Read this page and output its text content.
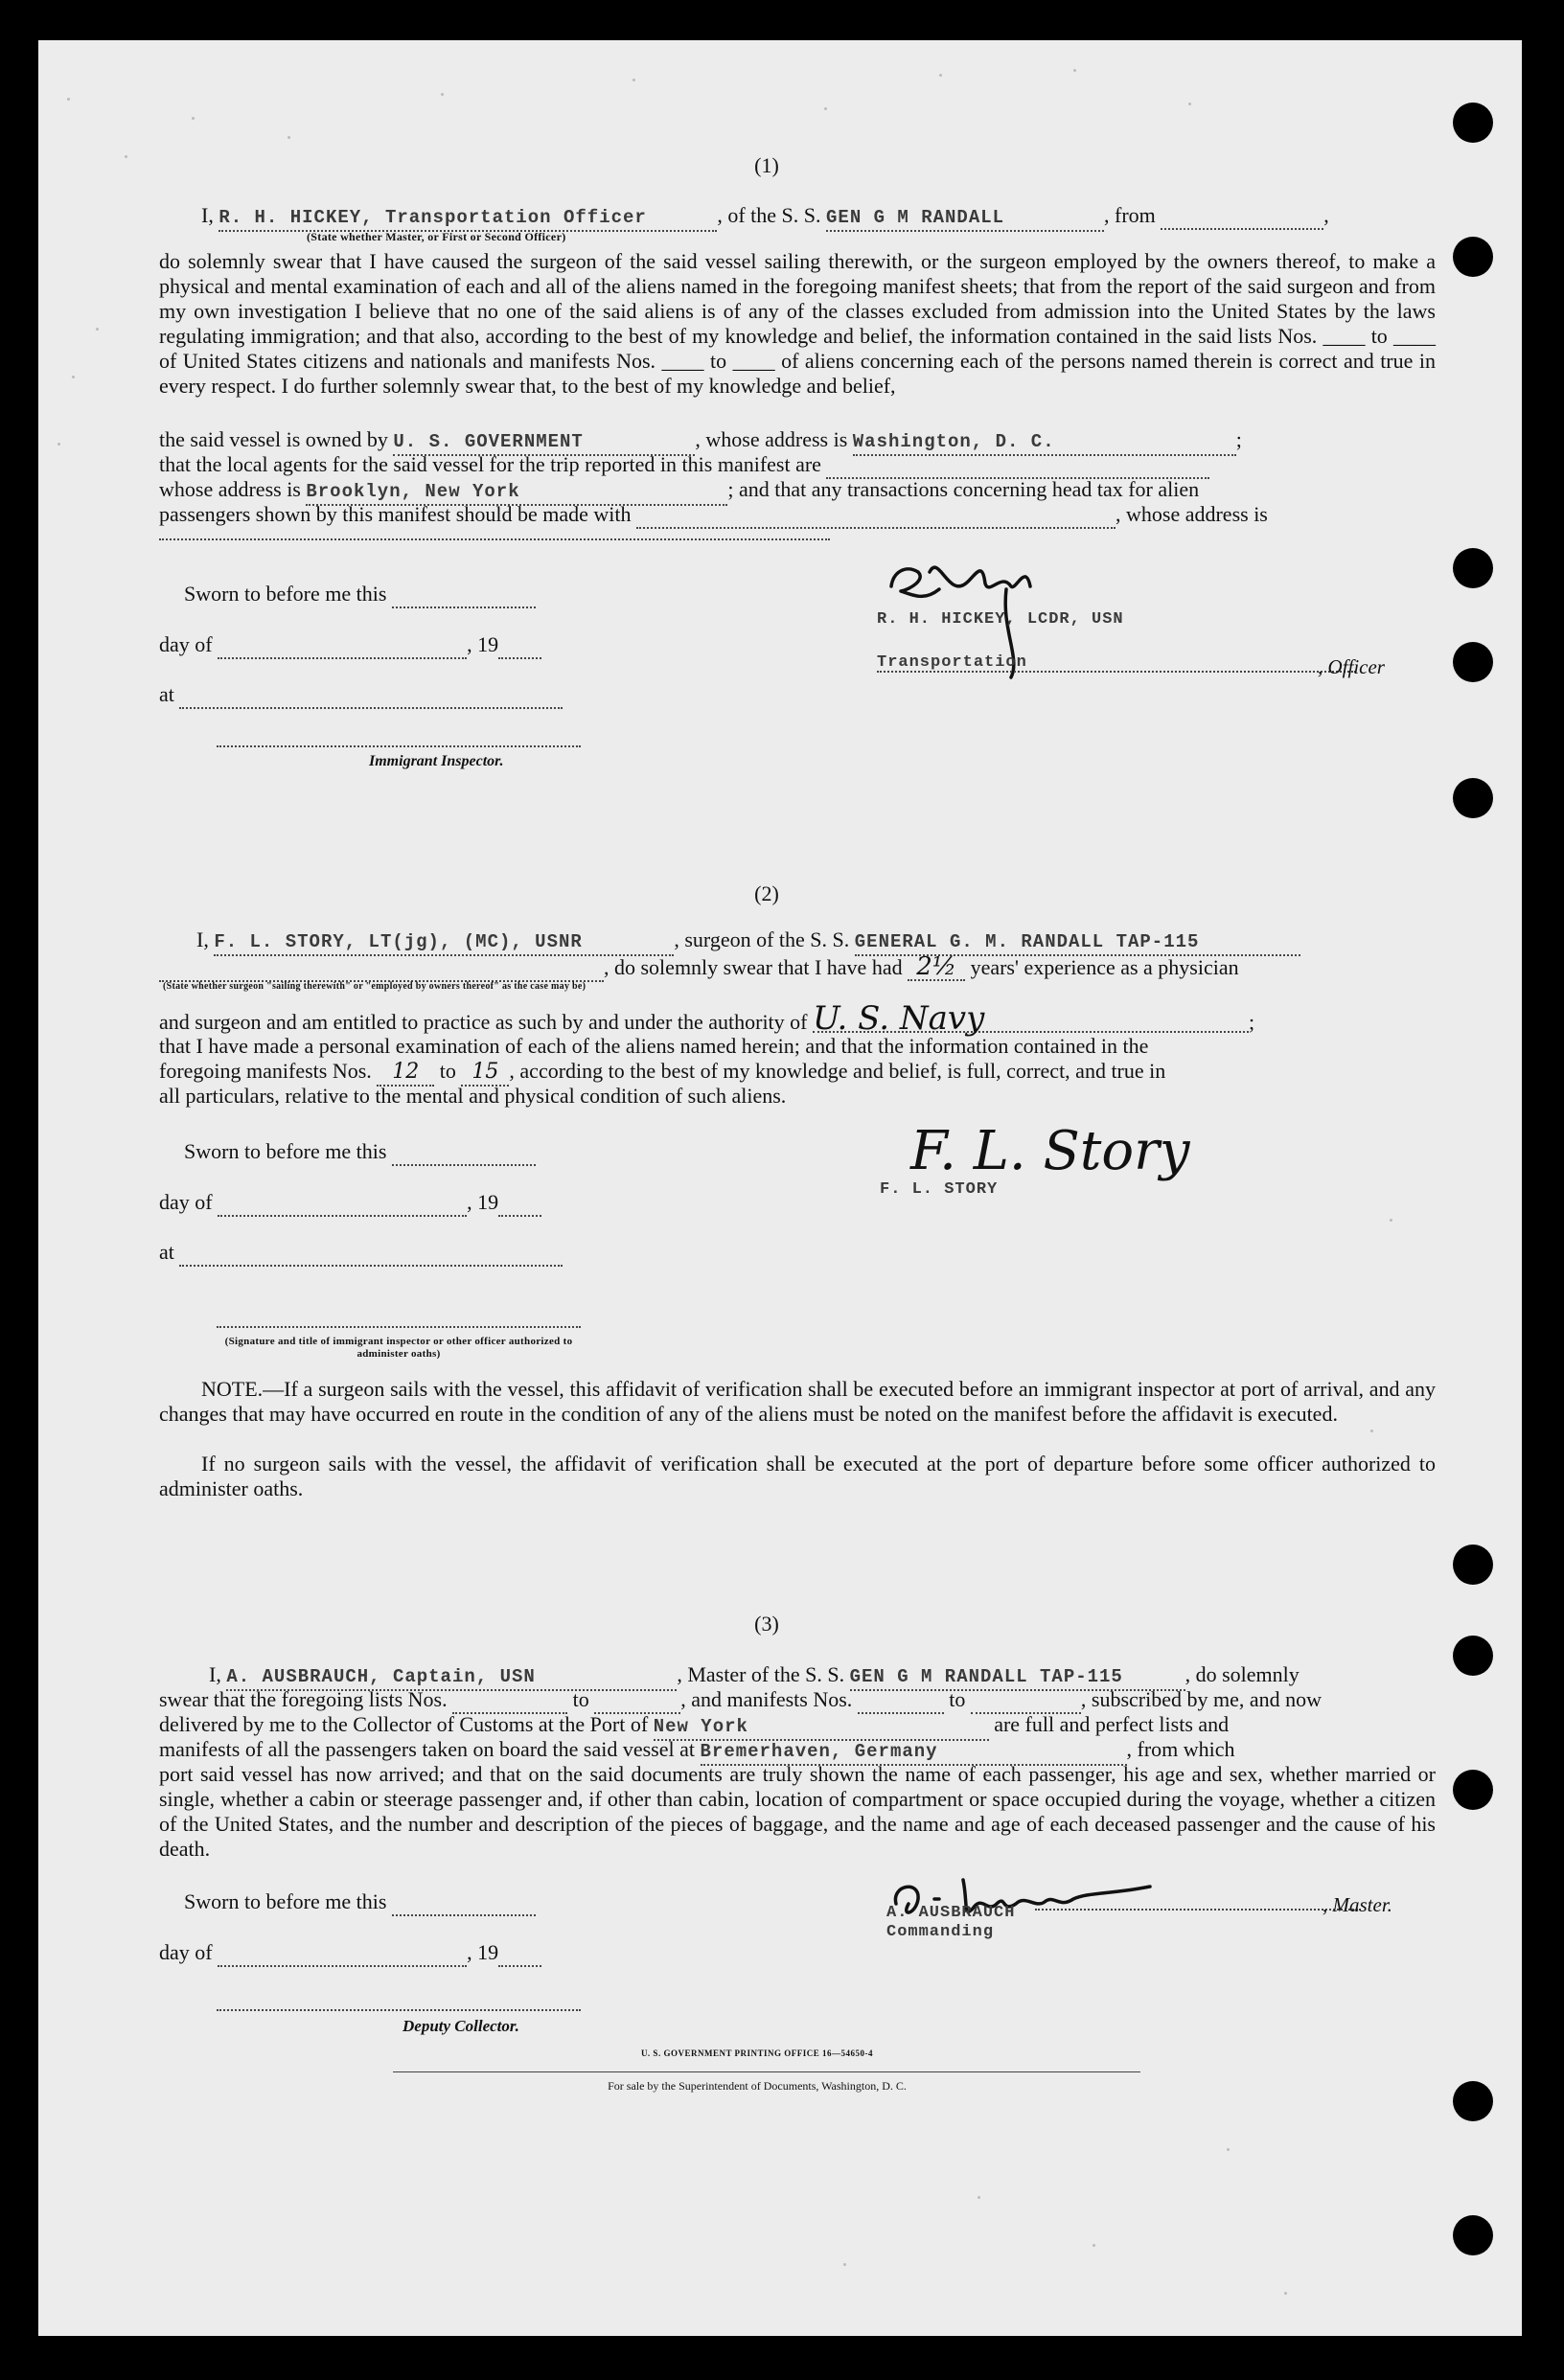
(1)
I, R. H. HICKEY, Transportation Officer	, of the S. S. GEN G M RANDALL	, from	,
(State whether Master, or First or Second Officer)
do solemnly swear that I have caused the surgeon of the said vessel sailing therewith, or the surgeon employed by the owners thereof, to make a physical and mental examination of each and all of the aliens named in the foregoing manifest sheets; that from the report of the said surgeon and from my own investigation I believe that no one of the said aliens is of any of the classes excluded from admission into the United States by the laws regulating immigration; and that also, according to the best of my knowledge and belief, the information contained in the said lists Nos. ____ to ____ of United States citizens and nationals and manifests Nos. ____ to ____ of aliens concerning each of the persons named therein is correct and true in every respect. I do further solemnly swear that, to the best of my knowledge and belief,
the said vessel is owned by U. S. GOVERNMENT	, whose address is Washington, D. C.	;
that the local agents for the said vessel for the trip reported in this manifest are
whose address is Brooklyn, New York	; and that any transactions concerning head tax for alien
passengers shown by this manifest should be made with	, whose address is
Sworn to before me this
day of	, 19
at
Immigrant Inspector.
R. H. HICKEY, LCDR, USN
Transportation	, Officer
(2)
I, F. L. STORY, LT(jg), (MC), USNR	, surgeon of the S. S. GENERAL G. M. RANDALL TAP-115
, do solemnly swear that I have had 2½ years' experience as a physician
(State whether surgeon "sailing therewith" or "employed by owners thereof" as the case may be)
and surgeon and am entitled to practice as such by and under the authority of U. S. Navy	;
that I have made a personal examination of each of the aliens named herein; and that the information contained in the
foregoing manifests Nos. 12 to 15 , according to the best of my knowledge and belief, is full, correct, and true in
all particulars, relative to the mental and physical condition of such aliens.
Sworn to before me this
day of	, 19
at
(Signature and title of immigrant inspector or other officer authorized to administer oaths)
F. L. Story
F. L. STORY
NOTE.—If a surgeon sails with the vessel, this affidavit of verification shall be executed before an immigrant inspector at port of arrival, and any changes that may have occurred en route in the condition of any of the aliens must be noted on the manifest before the affidavit is executed.
If no surgeon sails with the vessel, the affidavit of verification shall be executed at the port of departure before some officer authorized to administer oaths.
(3)
I, A. AUSBRAUCH, Captain, USN	, Master of the S. S. GEN G M RANDALL TAP-115	, do solemnly
swear that the foregoing lists Nos.	to	, and manifests Nos.	to	, subscribed by me, and now
delivered by me to the Collector of Customs at the Port of New York	are full and perfect lists and
manifests of all the passengers taken on board the said vessel at Bremerhaven, Germany	, from which
port said vessel has now arrived; and that on the said documents are truly shown the name of each passenger, his age and sex, whether married or single, whether a cabin or steerage passenger and, if other than cabin, location of compartment or space occupied during the voyage, whether a citizen of the United States, and the number and description of the pieces of baggage, and the name and age of each deceased passenger and the cause of his death.
Sworn to before me this
day of	, 19
Deputy Collector.
A. AUSBRAUCH
Commanding
, Master.
U. S. GOVERNMENT PRINTING OFFICE 16—54650-4
For sale by the Superintendent of Documents, Washington, D. C.
